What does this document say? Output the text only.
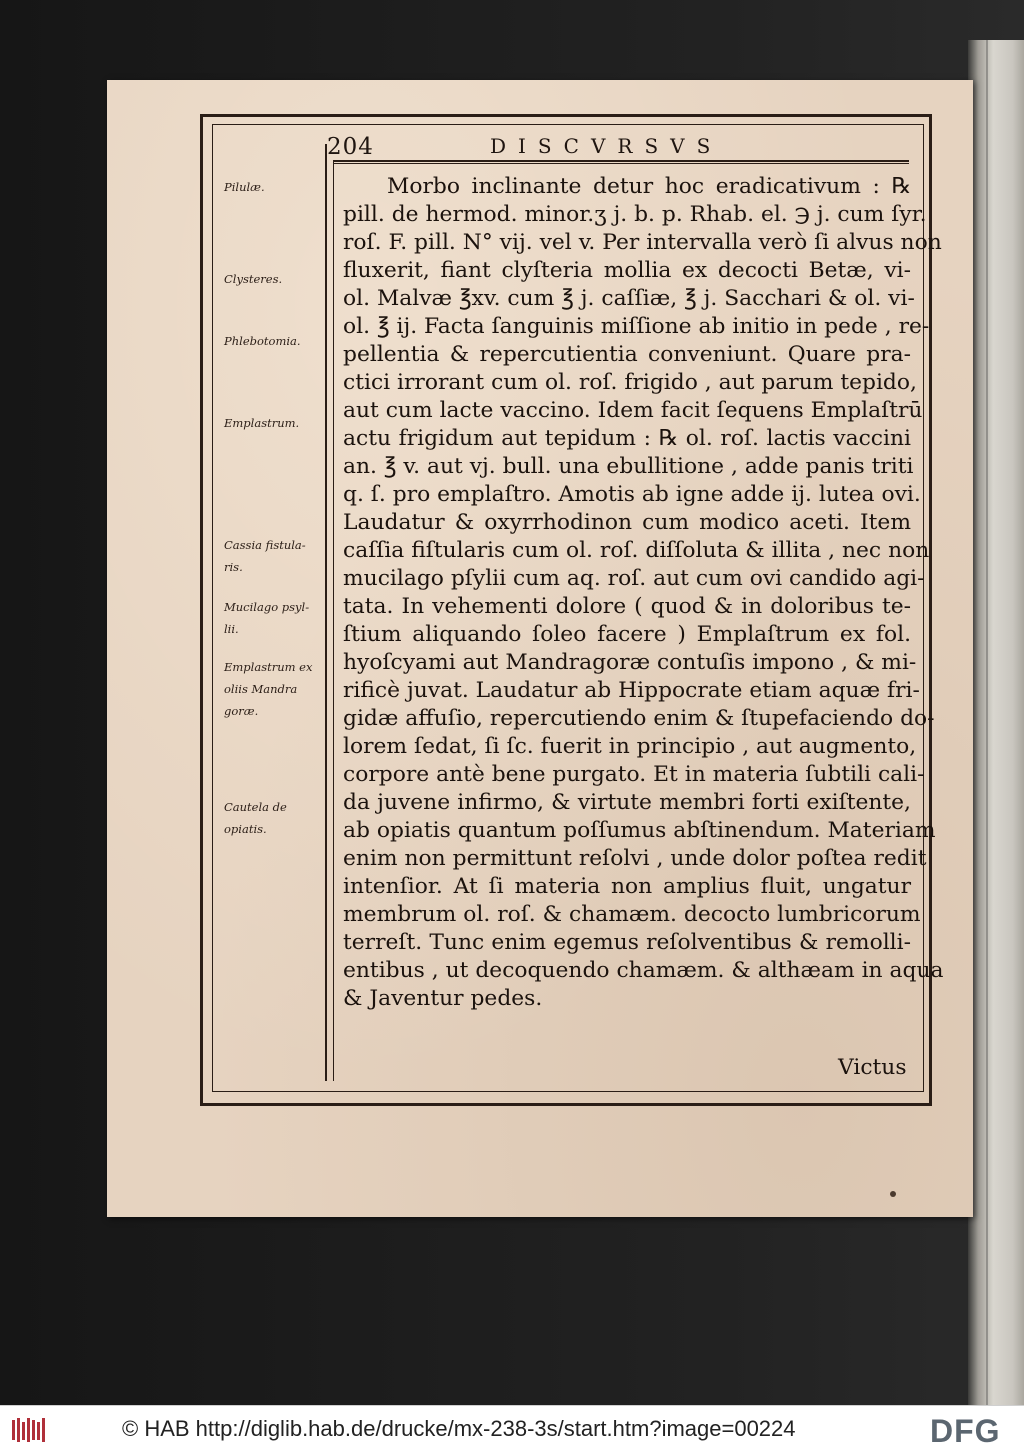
204	DISCVRSVS
Pilulæ.
Clysteres.
Phlebotomia.
Emplastrum.
Cassia fistula-ris.
Mucilago psyl-lii.
Emplastrum ex oliis Mandra goræ.
Cautela de opiatis.
Morbo inclinante detur hoc eradicativum : ℞
pill. de hermod. minor.ʒ j. b. p. Rhab. el. ℈ j. cum ſyr.
roſ. F. pill. N° vij. vel v. Per intervalla verò ſi alvus non
fluxerit, fiant clyſteria mollia ex decocti Betæ, vi-
ol. Malvæ ℥xv. cum ℥ j. caſſiæ, ℥ j. Sacchari & ol. vi-
ol. ℥ ij. Facta ſanguinis miſſione ab initio in pede , re-
pellentia & repercutientia conveniunt. Quare pra-
ctici irrorant cum ol. roſ. frigido , aut parum tepido,
aut cum lacte vaccino. Idem facit ſequens Emplaſtrū
actu frigidum aut tepidum : ℞ ol. roſ. lactis vaccini
an. ℥ v. aut vj. bull. una ebullitione , adde panis triti
q. ſ. pro emplaſtro. Amotis ab igne adde ij. lutea ovi.
Laudatur & oxyrrhodinon cum modico aceti. Item
caſſia fiſtularis cum ol. roſ. diſſoluta & illita , nec non
mucilago pſylii cum aq. roſ. aut cum ovi candido agi-
tata. In vehementi dolore ( quod & in doloribus te-
ſtium aliquando ſoleo facere ) Emplaſtrum ex fol.
hyoſcyami aut Mandragoræ contuſis impono , & mi-
rificè juvat. Laudatur ab Hippocrate etiam aquæ fri-
gidæ affuſio, repercutiendo enim & ſtupefaciendo do-
lorem ſedat, ſi ſc. fuerit in principio , aut augmento,
corpore antè bene purgato. Et in materia ſubtili cali-
da juvene infirmo, & virtute membri forti exiſtente,
ab opiatis quantum poſſumus abſtinendum. Materiam
enim non permittunt reſolvi , unde dolor poſtea redit
intenſior. At ſi materia non amplius fluit, ungatur
membrum ol. roſ. & chamæm. decocto lumbricorum
terreſt. Tunc enim egemus reſolventibus & remolli-
entibus , ut decoquendo chamæm. & althæam in aqua
& Javentur pedes.
Victus
© HAB http://diglib.hab.de/drucke/mx-238-3s/start.htm?image=00224	DFG
